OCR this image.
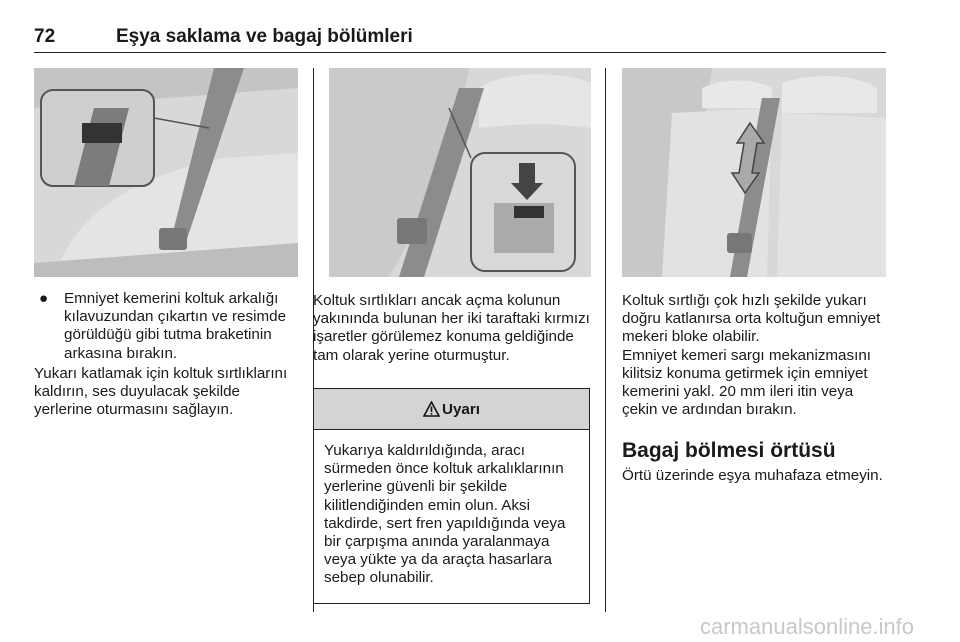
72	Eşya saklama ve bagaj bölümleri
● Emniyet kemerini koltuk arkalığı kılavuzundan çıkartın ve resimde görüldüğü gibi tutma braketinin arkasına bırakın.

Yukarı katlamak için koltuk sırtlıklarını kaldırın, ses duyulacak şekilde yerlerine oturmasını sağlayın.

Koltuk sırtlıkları ancak açma kolunun yakınında bulunan her iki taraftaki kırmızı işaretler görülemez konuma geldiğinde tam olarak yerine oturmuştur.

Uyarı
Yukarıya kaldırıldığında, aracı sürmeden önce koltuk arkalıklarının yerlerine güvenli bir şekilde kilitlendiğinden emin olun. Aksi takdirde, sert fren yapıldığında veya bir çarpışma anında yaralanmaya veya yükte ya da araçta hasarlara sebep olunabilir.

Koltuk sırtlığı çok hızlı şekilde yukarı doğru katlanırsa orta koltuğun emniyet mekeri bloke olabilir.

Emniyet kemeri sargı mekanizmasını kilitsiz konuma getirmek için emniyet kemerini yakl. 20 mm ileri itin veya çekin ve ardından bırakın.

Bagaj bölmesi örtüsü
Örtü üzerinde eşya muhafaza etmeyin.
carmanualsonline.info
